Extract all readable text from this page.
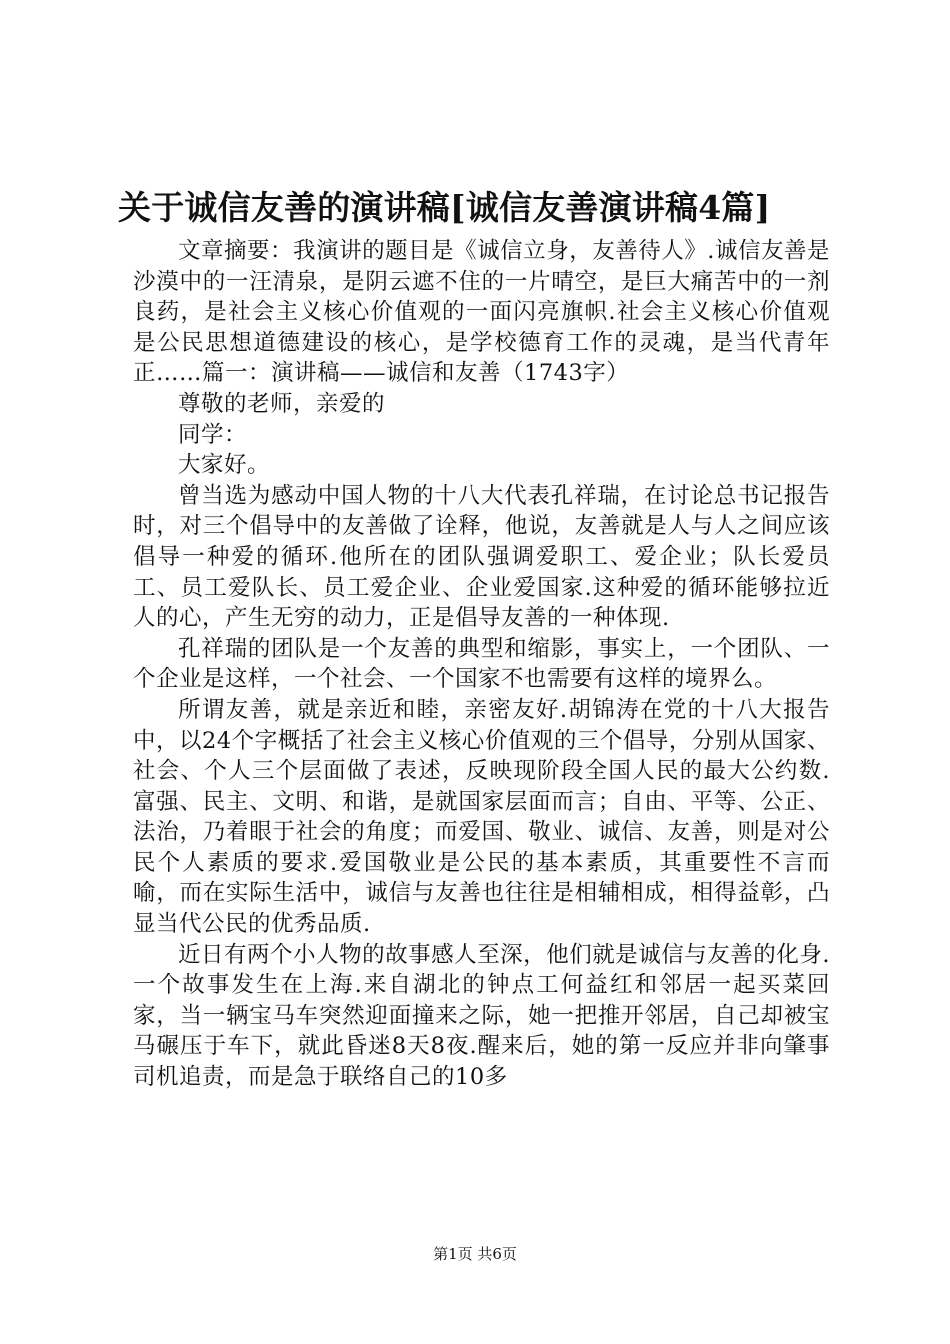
关于诚信友善的演讲稿[诚信友善演讲稿4篇]

文章摘要：我演讲的题目是《诚信立身，友善待人》.诚信友善是沙漠中的一汪清泉，是阴云遮不住的一片晴空，是巨大痛苦中的一剂良药，是社会主义核心价值观的一面闪亮旗帜.社会主义核心价值观是公民思想道德建设的核心，是学校德育工作的灵魂，是当代青年正……篇一：演讲稿——诚信和友善（1743字）

尊敬的老师，亲爱的

同学：

大家好。

曾当选为感动中国人物的十八大代表孔祥瑞，在讨论总书记报告时，对三个倡导中的友善做了诠释，他说，友善就是人与人之间应该倡导一种爱的循环.他所在的团队强调爱职工、爱企业；队长爱员工、员工爱队长、员工爱企业、企业爱国家.这种爱的循环能够拉近人的心，产生无穷的动力，正是倡导友善的一种体现.

孔祥瑞的团队是一个友善的典型和缩影，事实上，一个团队、一个企业是这样，一个社会、一个国家不也需要有这样的境界么。

所谓友善，就是亲近和睦，亲密友好.胡锦涛在党的十八大报告中，以24个字概括了社会主义核心价值观的三个倡导，分别从国家、社会、个人三个层面做了表述，反映现阶段全国人民的最大公约数.富强、民主、文明、和谐，是就国家层面而言；自由、平等、公正、法治，乃着眼于社会的角度；而爱国、敬业、诚信、友善，则是对公民个人素质的要求.爱国敬业是公民的基本素质，其重要性不言而喻，而在实际生活中，诚信与友善也往往是相辅相成，相得益彰，凸显当代公民的优秀品质.

近日有两个小人物的故事感人至深，他们就是诚信与友善的化身.一个故事发生在上海.来自湖北的钟点工何益红和邻居一起买菜回家，当一辆宝马车突然迎面撞来之际，她一把推开邻居，自己却被宝马碾压于车下，就此昏迷8天8夜.醒来后，她的第一反应并非向肇事司机追责，而是急于联络自己的10多

第1页 共6页
